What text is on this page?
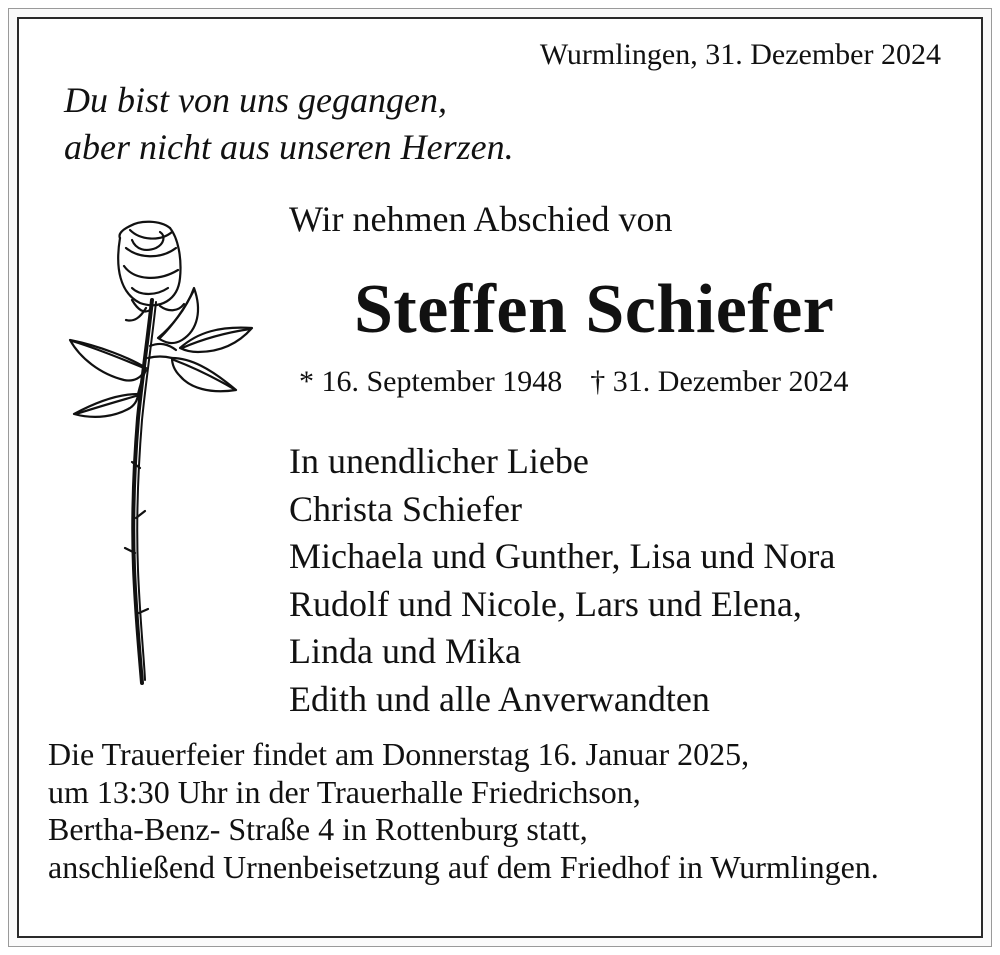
Wurmlingen, 31. Dezember 2024
Du bist von uns gegangen,
aber nicht aus unseren Herzen.
Wir nehmen Abschied von
Steffen Schiefer
* 16. September 1948 † 31. Dezember 2024
In unendlicher Liebe
Christa Schiefer
Michaela und Gunther, Lisa und Nora
Rudolf und Nicole, Lars und Elena,
Linda und Mika
Edith und alle Anverwandten
Die Trauerfeier findet am Donnerstag 16. Januar 2025,
um 13:30 Uhr in der Trauerhalle Friedrichson,
Bertha-Benz- Straße 4 in Rottenburg statt,
anschließend Urnenbeisetzung auf dem Friedhof in Wurmlingen.
